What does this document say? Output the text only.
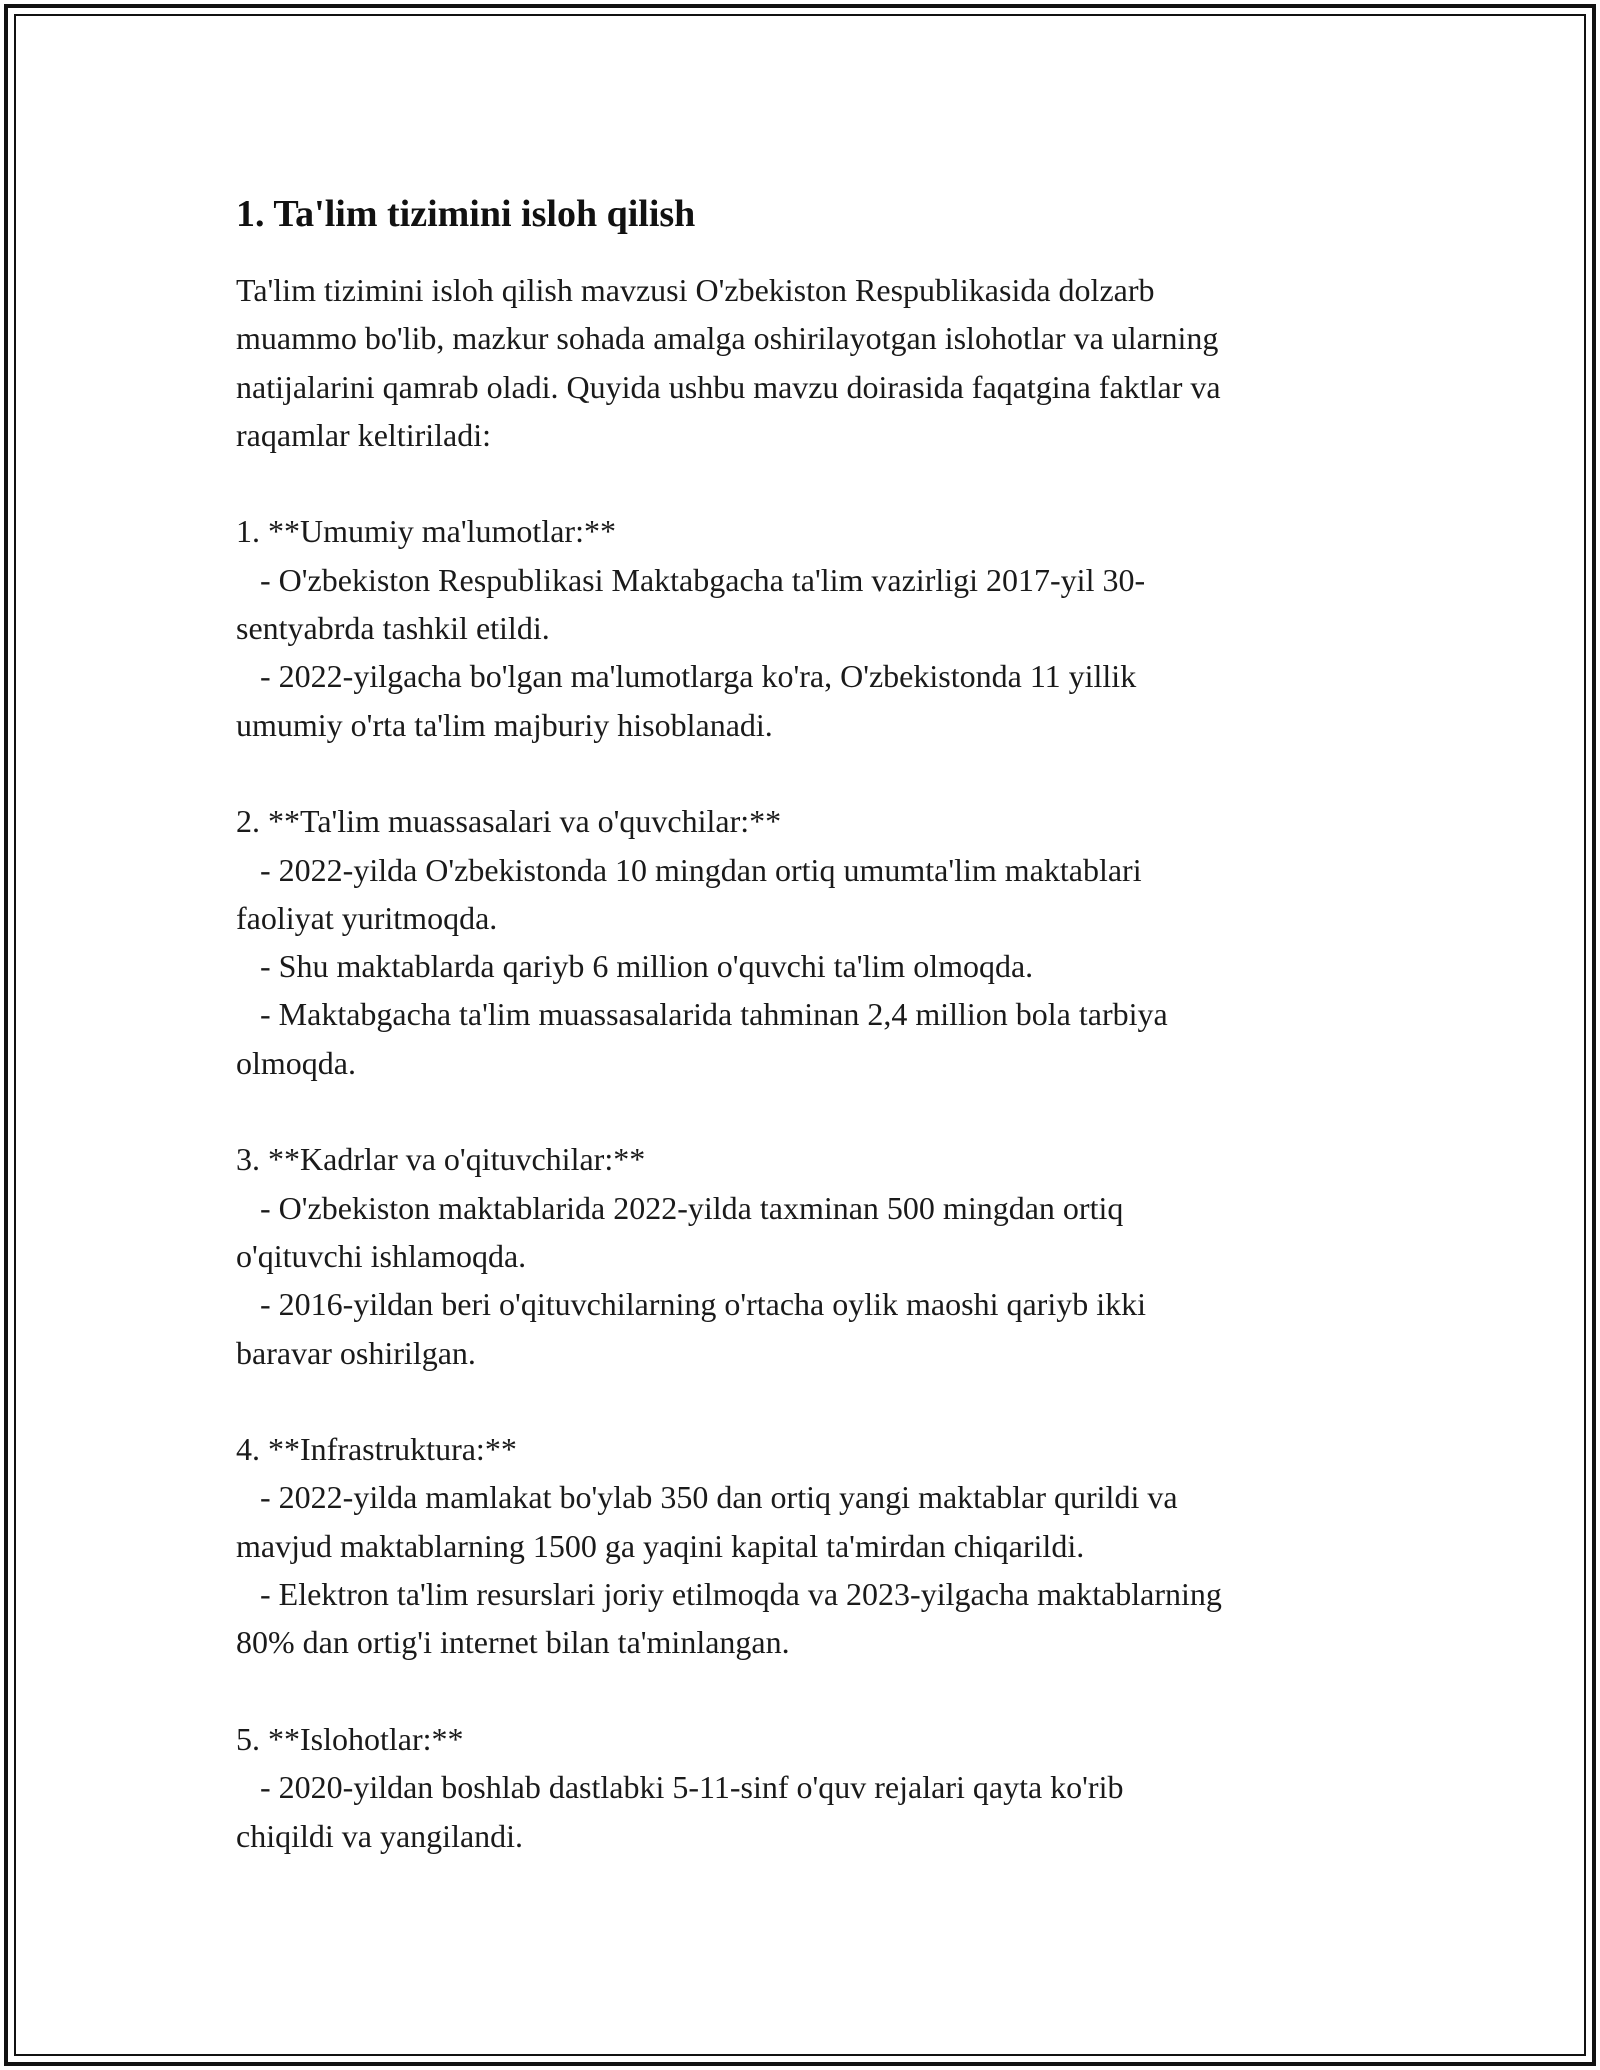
1. Ta'lim tizimini isloh qilish

Ta'lim tizimini isloh qilish mavzusi O'zbekiston Respublikasida dolzarb
muammo bo'lib, mazkur sohada amalga oshirilayotgan islohotlar va ularning
natijalarini qamrab oladi. Quyida ushbu mavzu doirasida faqatgina faktlar va
raqamlar keltiriladi:

1. **Umumiy ma'lumotlar:**
- O'zbekiston Respublikasi Maktabgacha ta'lim vazirligi 2017-yil 30-
sentyabrda tashkil etildi.
- 2022-yilgacha bo'lgan ma'lumotlarga ko'ra, O'zbekistonda 11 yillik
umumiy o'rta ta'lim majburiy hisoblanadi.

2. **Ta'lim muassasalari va o'quvchilar:**
- 2022-yilda O'zbekistonda 10 mingdan ortiq umumta'lim maktablari
faoliyat yuritmoqda.
- Shu maktablarda qariyb 6 million o'quvchi ta'lim olmoqda.
- Maktabgacha ta'lim muassasalarida tahminan 2,4 million bola tarbiya
olmoqda.

3. **Kadrlar va o'qituvchilar:**
- O'zbekiston maktablarida 2022-yilda taxminan 500 mingdan ortiq
o'qituvchi ishlamoqda.
- 2016-yildan beri o'qituvchilarning o'rtacha oylik maoshi qariyb ikki
baravar oshirilgan.

4. **Infrastruktura:**
- 2022-yilda mamlakat bo'ylab 350 dan ortiq yangi maktablar qurildi va
mavjud maktablarning 1500 ga yaqini kapital ta'mirdan chiqarildi.
- Elektron ta'lim resurslari joriy etilmoqda va 2023-yilgacha maktablarning
80% dan ortig'i internet bilan ta'minlangan.

5. **Islohotlar:**
- 2020-yildan boshlab dastlabki 5-11-sinf o'quv rejalari qayta ko'rib
chiqildi va yangilandi.
